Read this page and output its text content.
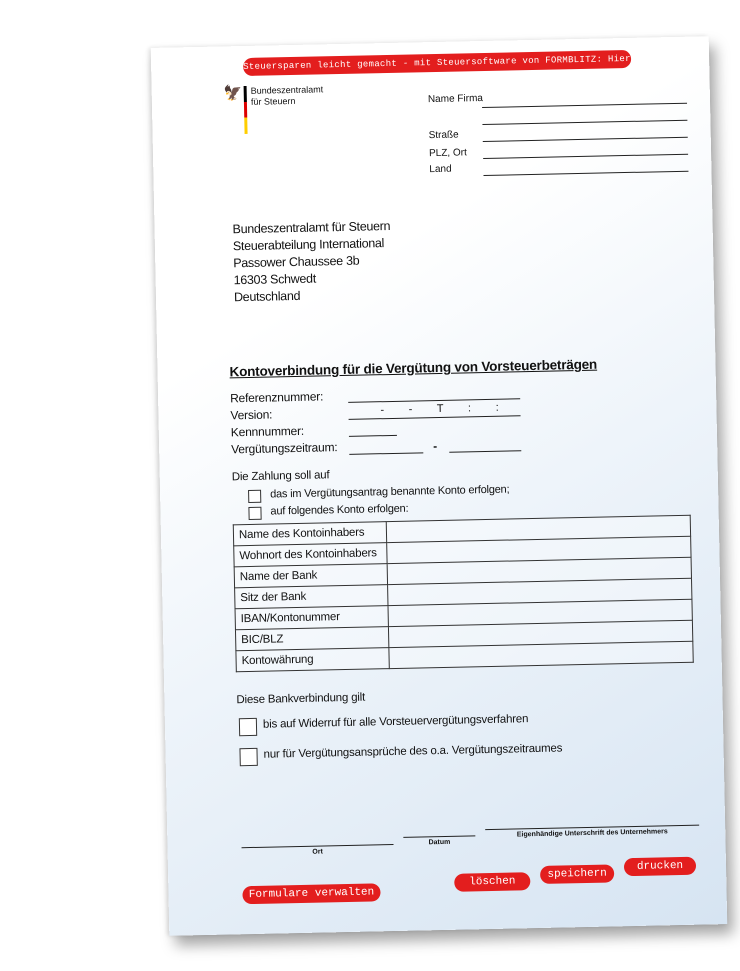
Steuersparen leicht gemacht - mit Steuersoftware von FORMBLITZ: Hier klicken!
🦅 Bundeszentralamt
für Steuern	Name Firma
Straße
PLZ, Ort
Land
Bundeszentralamt für Steuern
Steuerabteilung International
Passower Chaussee 3b
16303 Schwedt
Deutschland
Kontoverbindung für die Vergütung von Vorsteuerbeträgen
Referenznummer:
Version:	- - T : :
Kennnummer:
Vergütungszeitraum:	-
Die Zahlung soll auf
das im Vergütungsantrag benannte Konto erfolgen;
auf folgendes Konto erfolgen:
Name des Kontoinhabers	
Wohnort des Kontoinhabers	
Name der Bank	
Sitz der Bank	
IBAN/Kontonummer	
BIC/BLZ	
Kontowährung	
Diese Bankverbindung gilt
bis auf Widerruf für alle Vorsteuervergütungsverfahren
nur für Vergütungsansprüche des o.a. Vergütungszeitraumes
Ort
Datum
Eigenhändige Unterschrift des Unternehmers
Formulare verwalten
löschen
speichern
drucken
